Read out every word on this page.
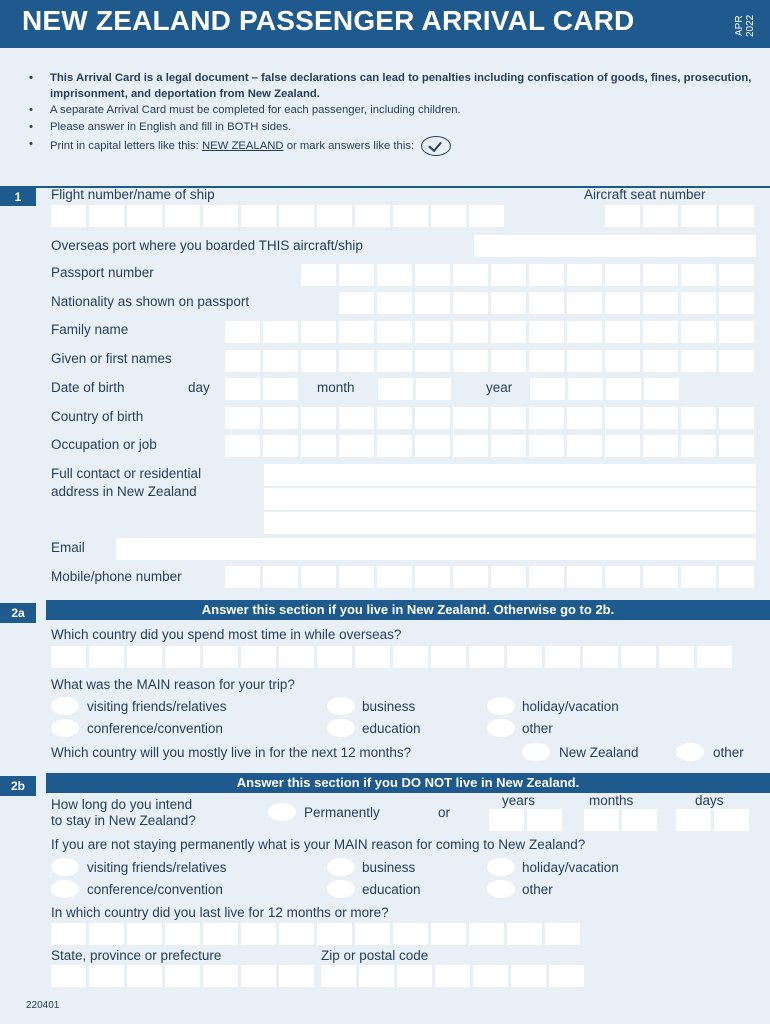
NEW ZEALAND PASSENGER ARRIVAL CARD	APR 2022
• This Arrival Card is a legal document – false declarations can lead to penalties including confiscation of goods, fines, prosecution, imprisonment, and deportation from New Zealand.
• A separate Arrival Card must be completed for each passenger, including children.
• Please answer in English and fill in BOTH sides.
• Print in capital letters like this: NEW ZEALAND or mark answers like this:
1	Flight number/name of ship	Aircraft seat number
Overseas port where you boarded THIS aircraft/ship
Passport number
Nationality as shown on passport
Family name
Given or first names
Date of birth	day	month	year
Country of birth
Occupation or job
Full contact or residential
address in New Zealand
Email
Mobile/phone number
2a	Answer this section if you live in New Zealand. Otherwise go to 2b.
Which country did you spend most time in while overseas?
What was the MAIN reason for your trip?
visiting friends/relatives	business	holiday/vacation
conference/convention	education	other
Which country will you mostly live in for the next 12 months?	New Zealand	other
2b	Answer this section if you DO NOT live in New Zealand.
How long do you intend
to stay in New Zealand?
Permanently	or
years	months	days
If you are not staying permanently what is your MAIN reason for coming to New Zealand?
visiting friends/relatives	business	holiday/vacation
conference/convention	education	other
In which country did you last live for 12 months or more?
State, province or prefecture	Zip or postal code
220401
